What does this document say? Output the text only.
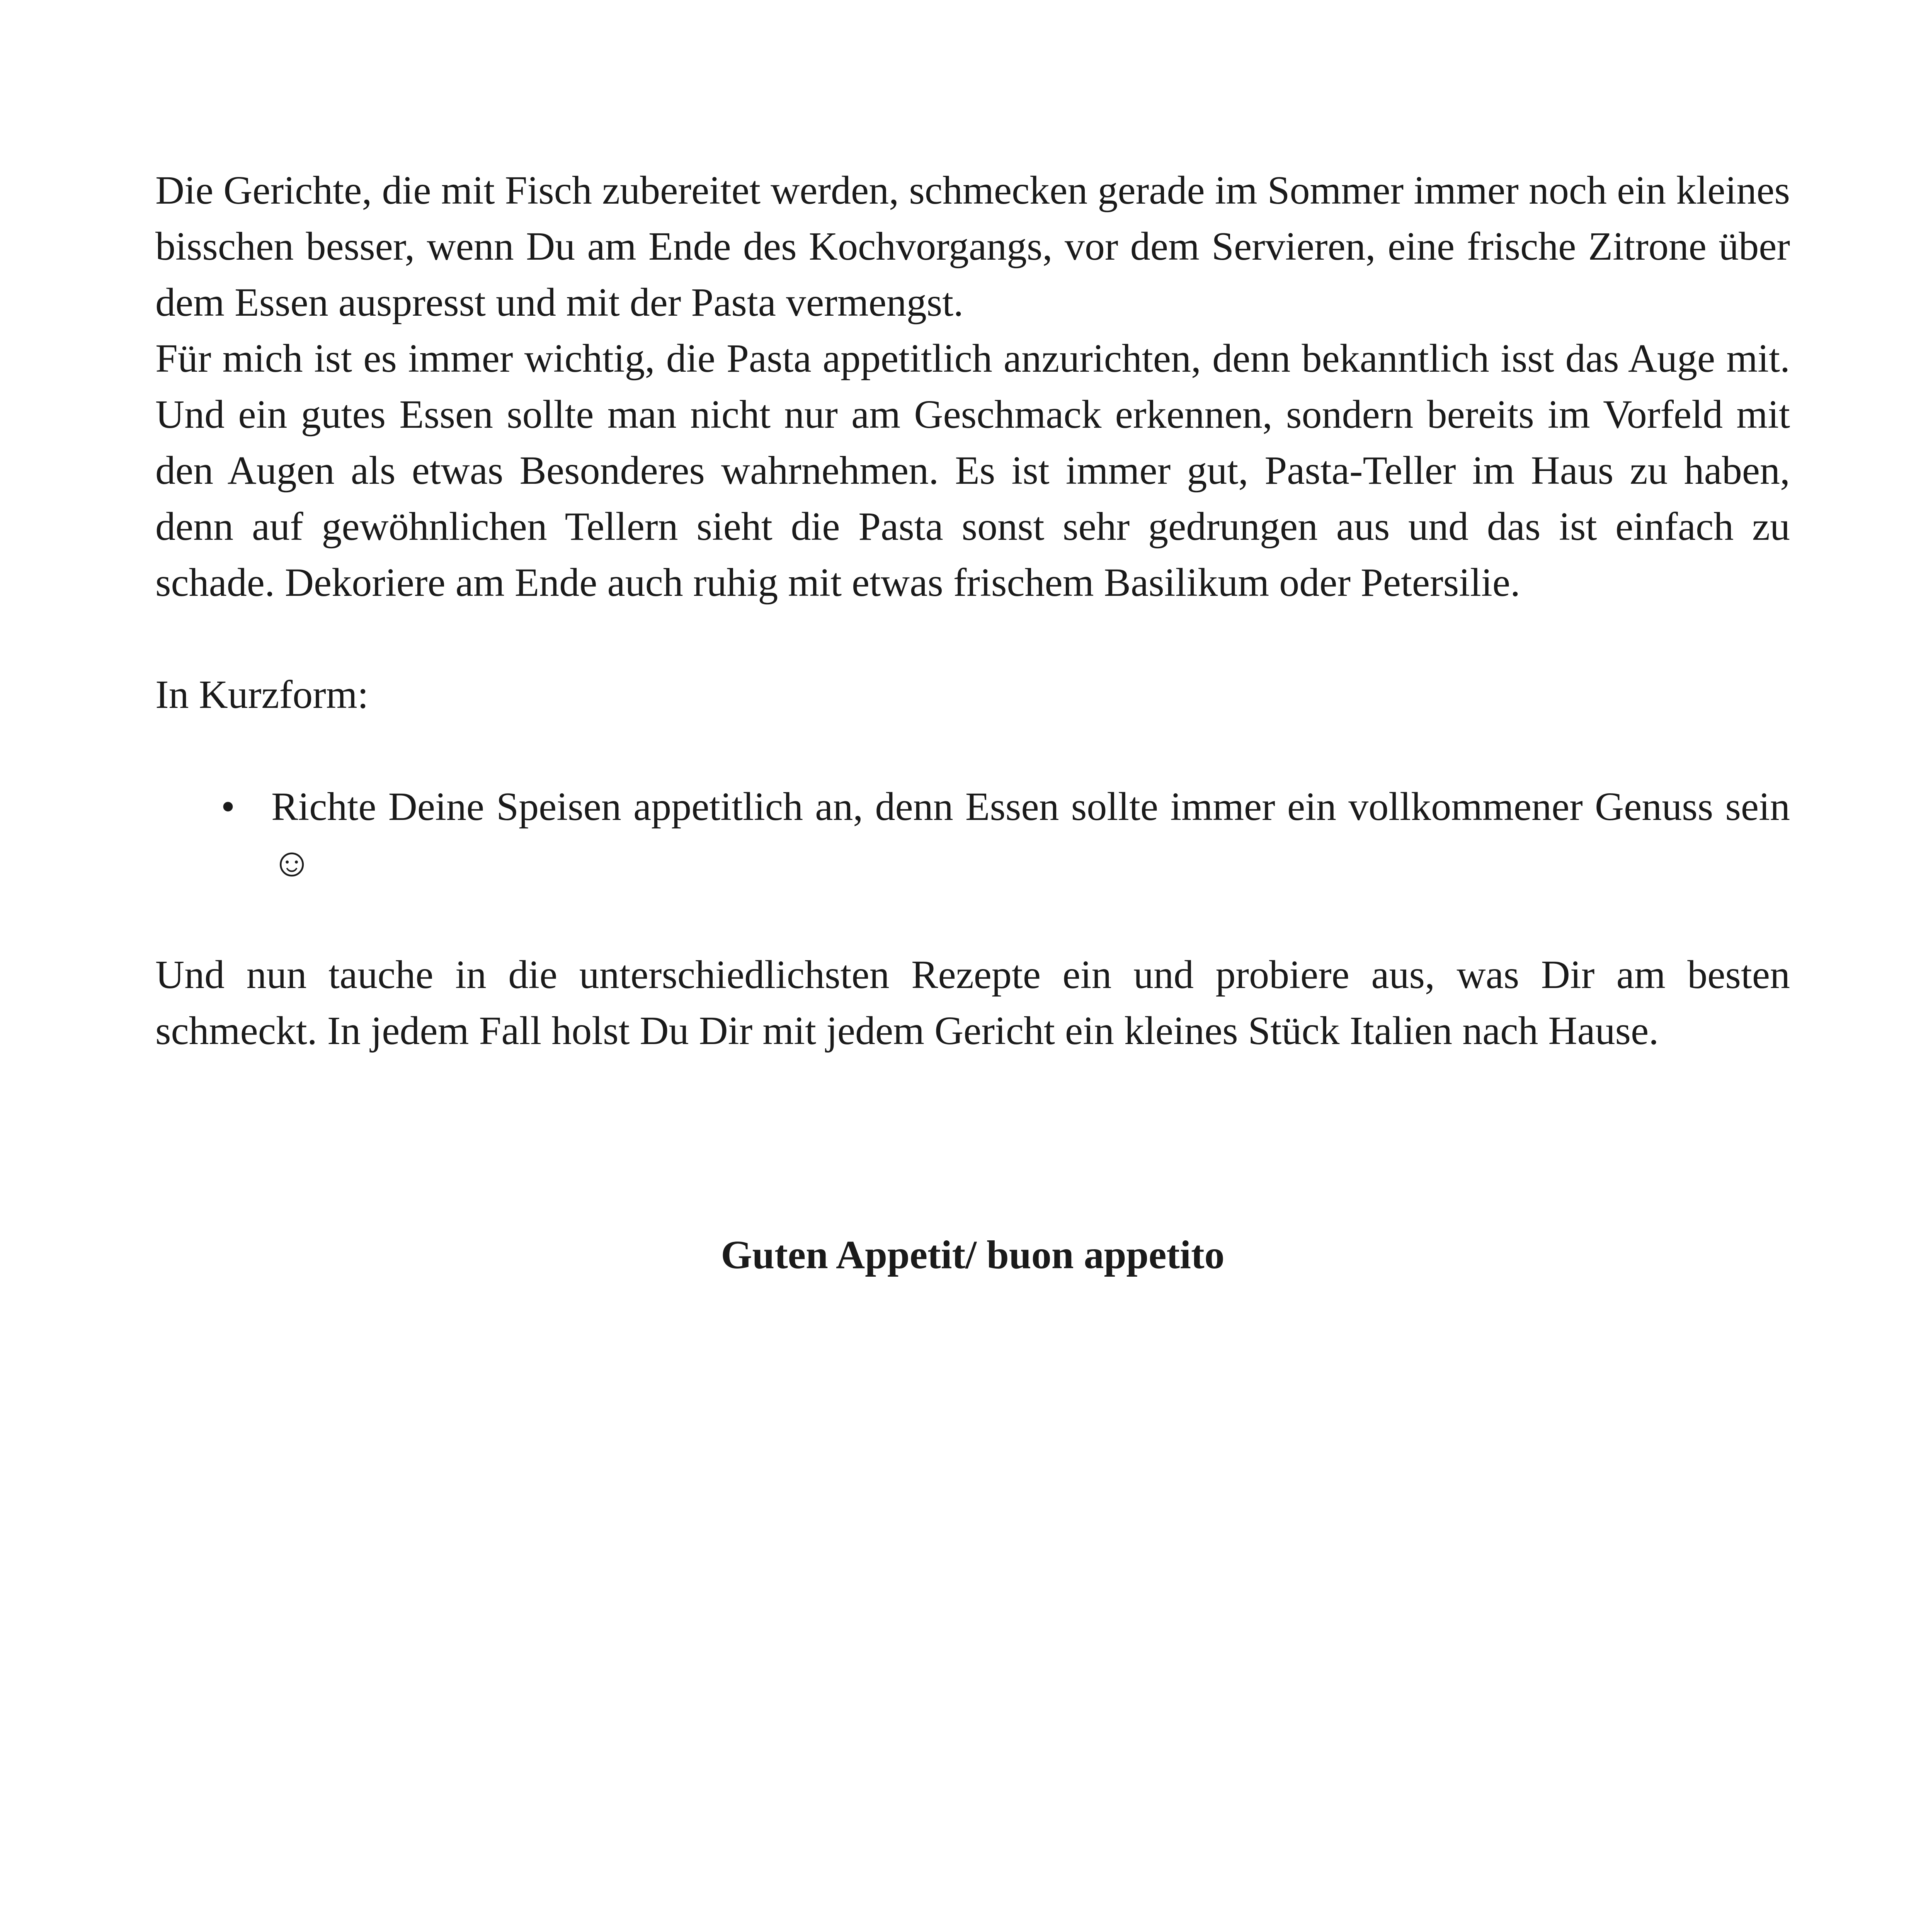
Die Gerichte, die mit Fisch zubereitet werden, schmecken gerade im Sommer immer noch ein kleines bisschen besser, wenn Du am Ende des Kochvorgangs, vor dem Servieren, eine frische Zitrone über dem Essen auspresst und mit der Pasta vermengst.

Für mich ist es immer wichtig, die Pasta appetitlich anzurichten, denn bekanntlich isst das Auge mit. Und ein gutes Essen sollte man nicht nur am Geschmack erkennen, sondern bereits im Vorfeld mit den Augen als etwas Besonderes wahrnehmen. Es ist immer gut, Pasta-Teller im Haus zu haben, denn auf gewöhnlichen Tellern sieht die Pasta sonst sehr gedrungen aus und das ist einfach zu schade. Dekoriere am Ende auch ruhig mit etwas frischem Basilikum oder Petersilie.

In Kurzform:

• Richte Deine Speisen appetitlich an, denn Essen sollte immer ein vollkommener Genuss sein ☺

Und nun tauche in die unterschiedlichsten Rezepte ein und probiere aus, was Dir am besten schmeckt. In jedem Fall holst Du Dir mit jedem Gericht ein kleines Stück Italien nach Hause.

Guten Appetit/ buon appetito
